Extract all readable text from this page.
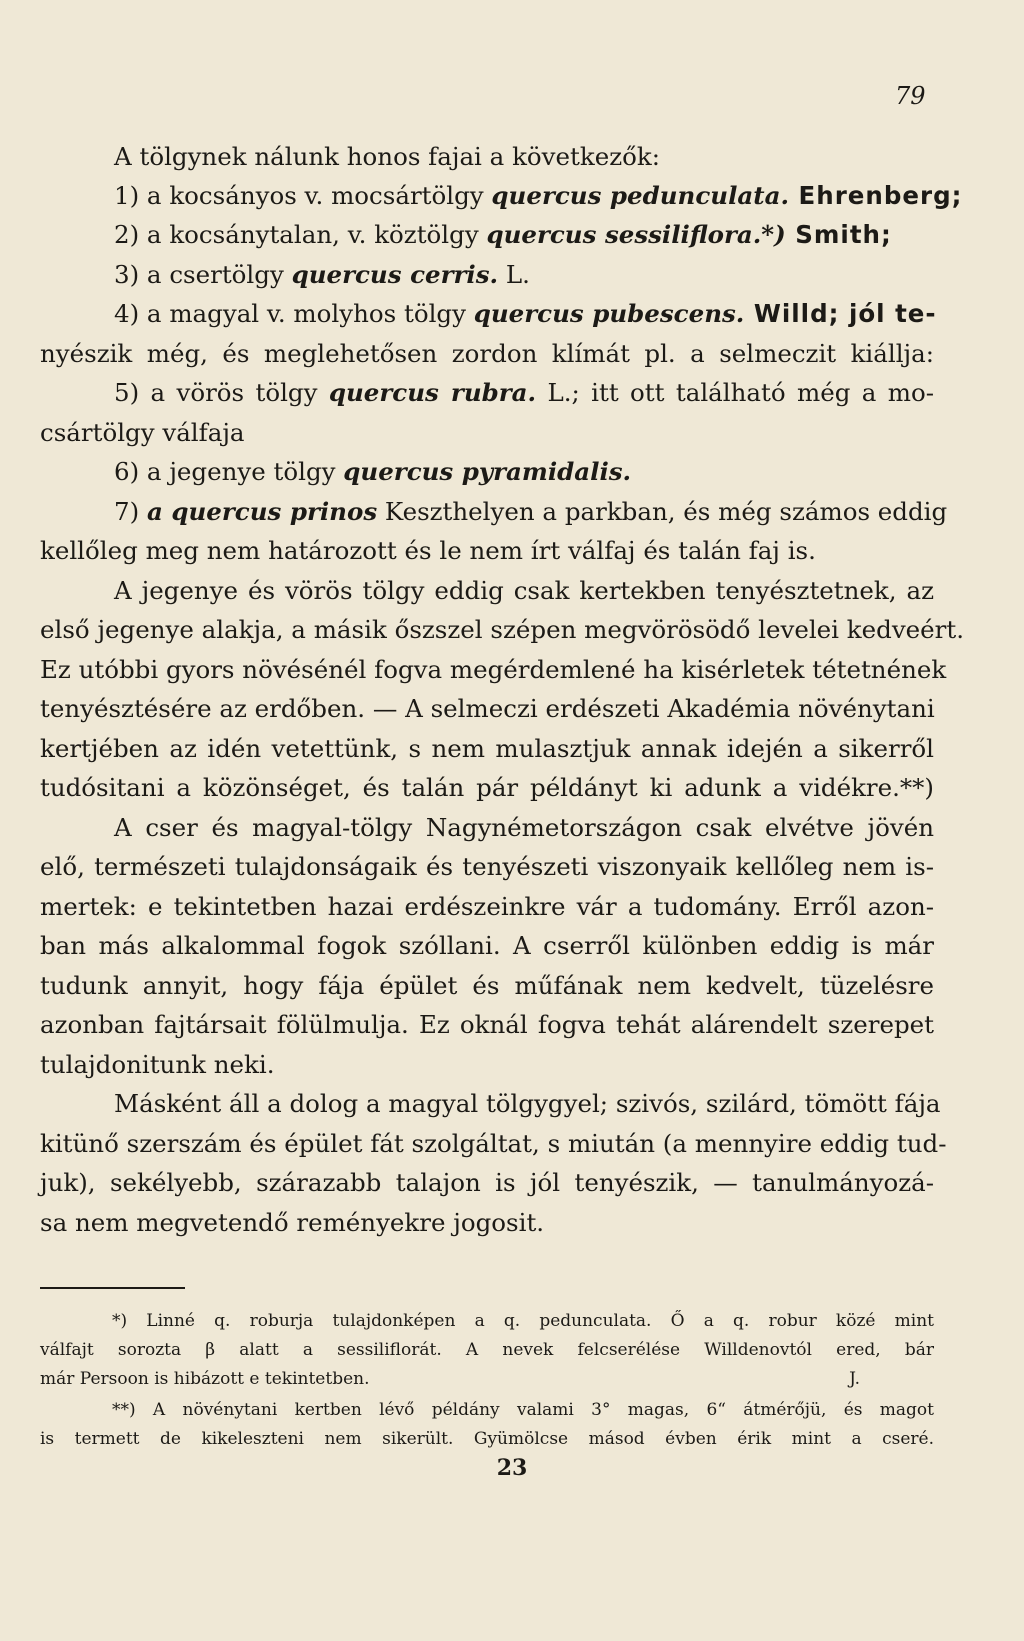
79
A tölgynek nálunk honos fajai a következők:
1) a kocsányos v. mocsártölgy quercus pedunculata. Ehrenberg;
2) a kocsánytalan, v. köztölgy quercus sessiliflora.*) Smith;
3) a csertölgy quercus cerris. L.
4) a magyal v. molyhos tölgy quercus pubescens. Willd; jól te-
nyészik még, és meglehetősen zordon klímát pl. a selmeczit kiállja:
5) a vörös tölgy quercus rubra. L.; itt ott található még a mo-
csártölgy válfaja
6) a jegenye tölgy quercus pyramidalis.
7) a quercus prinos Keszthelyen a parkban, és még számos eddig
kellőleg meg nem határozott és le nem írt válfaj és talán faj is.
A jegenye és vörös tölgy eddig csak kertekben tenyésztetnek, az
első jegenye alakja, a másik őszszel szépen megvörösödő levelei kedveért.
Ez utóbbi gyors növésénél fogva megérdemlené ha kisérletek tétetnének
tenyésztésére az erdőben. — A selmeczi erdészeti Akadémia növénytani
kertjében az idén vetettünk, s nem mulasztjuk annak idején a sikerről
tudósitani a közönséget, és talán pár példányt ki adunk a vidékre.**)
A cser és magyal-tölgy Nagynémetországon csak elvétve jövén
elő, természeti tulajdonságaik és tenyészeti viszonyaik kellőleg nem is-
mertek: e tekintetben hazai erdészeinkre vár a tudomány. Erről azon-
ban más alkalommal fogok szóllani. A cserről különben eddig is már
tudunk annyit, hogy fája épület és műfának nem kedvelt, tüzelésre
azonban fajtársait fölülmulja. Ez oknál fogva tehát alárendelt szerepet
tulajdonitunk neki.
Másként áll a dolog a magyal tölgygyel; szivós, szilárd, tömött fája
kitünő szerszám és épület fát szolgáltat, s miután (a mennyire eddig tud-
juk), sekélyebb, szárazabb talajon is jól tenyészik, — tanulmányozá-
sa nem megvetendő reményekre jogosit.
*) Linné q. roburja tulajdonképen a q. pedunculata. Ő a q. robur közé mint
válfajt sorozta β alatt a sessiliflorát. A nevek felcserélése Willdenovtól ered, bár
már Persoon is hibázott e tekintetben.	J.
**) A növénytani kertben lévő példány valami 3° magas, 6“ átmérőjü, és magot
is termett de kikeleszteni nem sikerült. Gyümölcse másod évben érik mint a cseré.
23
